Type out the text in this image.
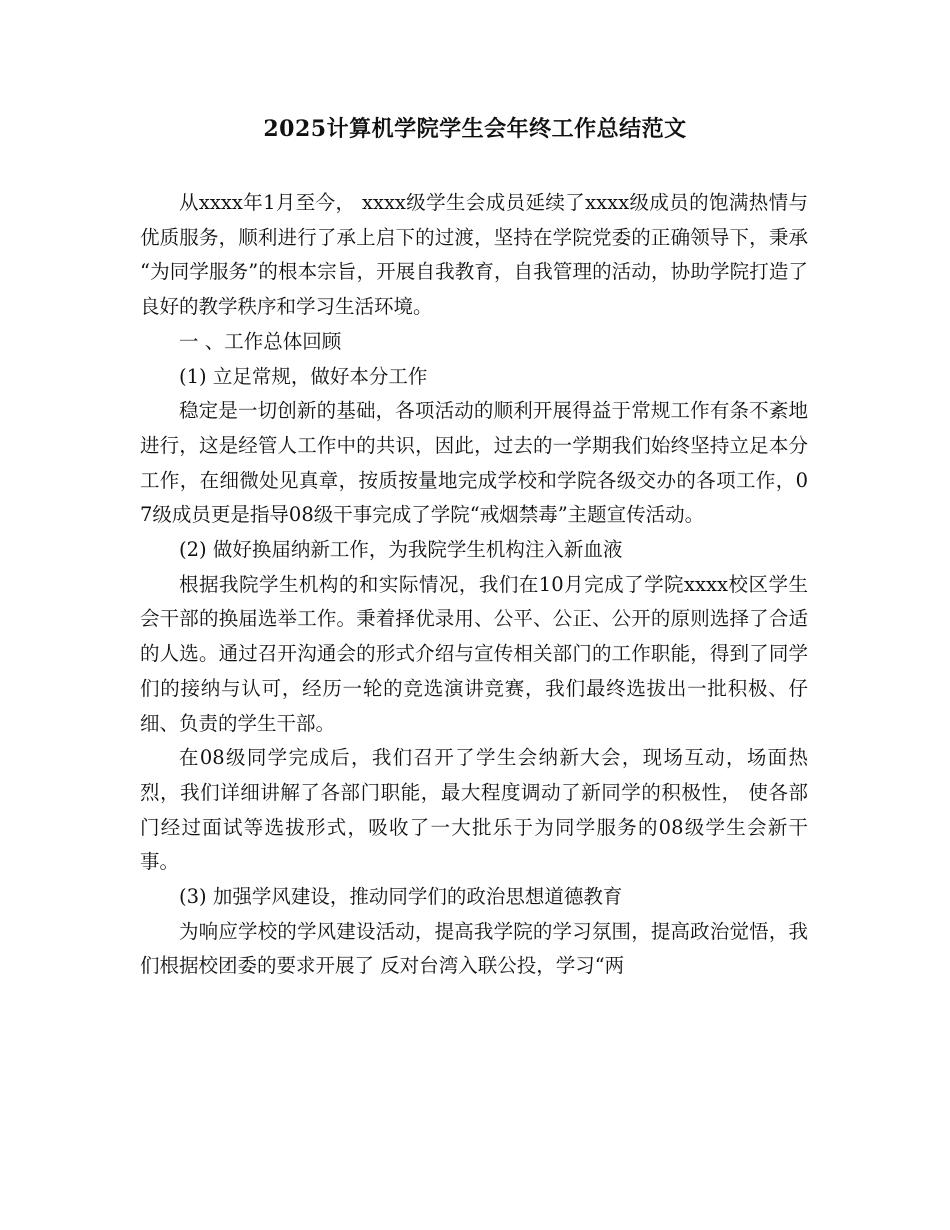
2025计算机学院学生会年终工作总结范文

从xxxx年1月至今， xxxx级学生会成员延续了xxxx级成员的饱满热情与优质服务，顺利进行了承上启下的过渡，坚持在学院党委的正确领导下，秉承 “为同学服务”的根本宗旨，开展自我教育，自我管理的活动，协助学院打造了良好的教学秩序和学习生活环境。

一 、工作总体回顾

(1) 立足常规，做好本分工作

稳定是一切创新的基础，各项活动的顺利开展得益于常规工作有条不紊地进行，这是经管人工作中的共识，因此，过去的一学期我们始终坚持立足本分工作，在细微处见真章，按质按量地完成学校和学院各级交办的各项工作，07级成员更是指导08级干事完成了学院“戒烟禁毒”主题宣传活动。

(2) 做好换届纳新工作，为我院学生机构注入新血液

根据我院学生机构的和实际情况，我们在10月完成了学院xxxx校区学生会干部的换届选举工作。秉着择优录用、公平、公正、公开的原则选择了合适的人选。通过召开沟通会的形式介绍与宣传相关部门的工作职能，得到了同学们的接纳与认可，经历一轮的竞选演讲竞赛，我们最终选拔出一批积极、仔细、负责的学生干部。

在08级同学完成后，我们召开了学生会纳新大会，现场互动，场面热烈，我们详细讲解了各部门职能，最大程度调动了新同学的积极性， 使各部门经过面试等选拔形式，吸收了一大批乐于为同学服务的08级学生会新干事。

(3) 加强学风建设，推动同学们的政治思想道德教育

为响应学校的学风建设活动，提高我学院的学习氛围，提高政治觉悟，我们根据校团委的要求开展了 反对台湾入联公投，学习“两
